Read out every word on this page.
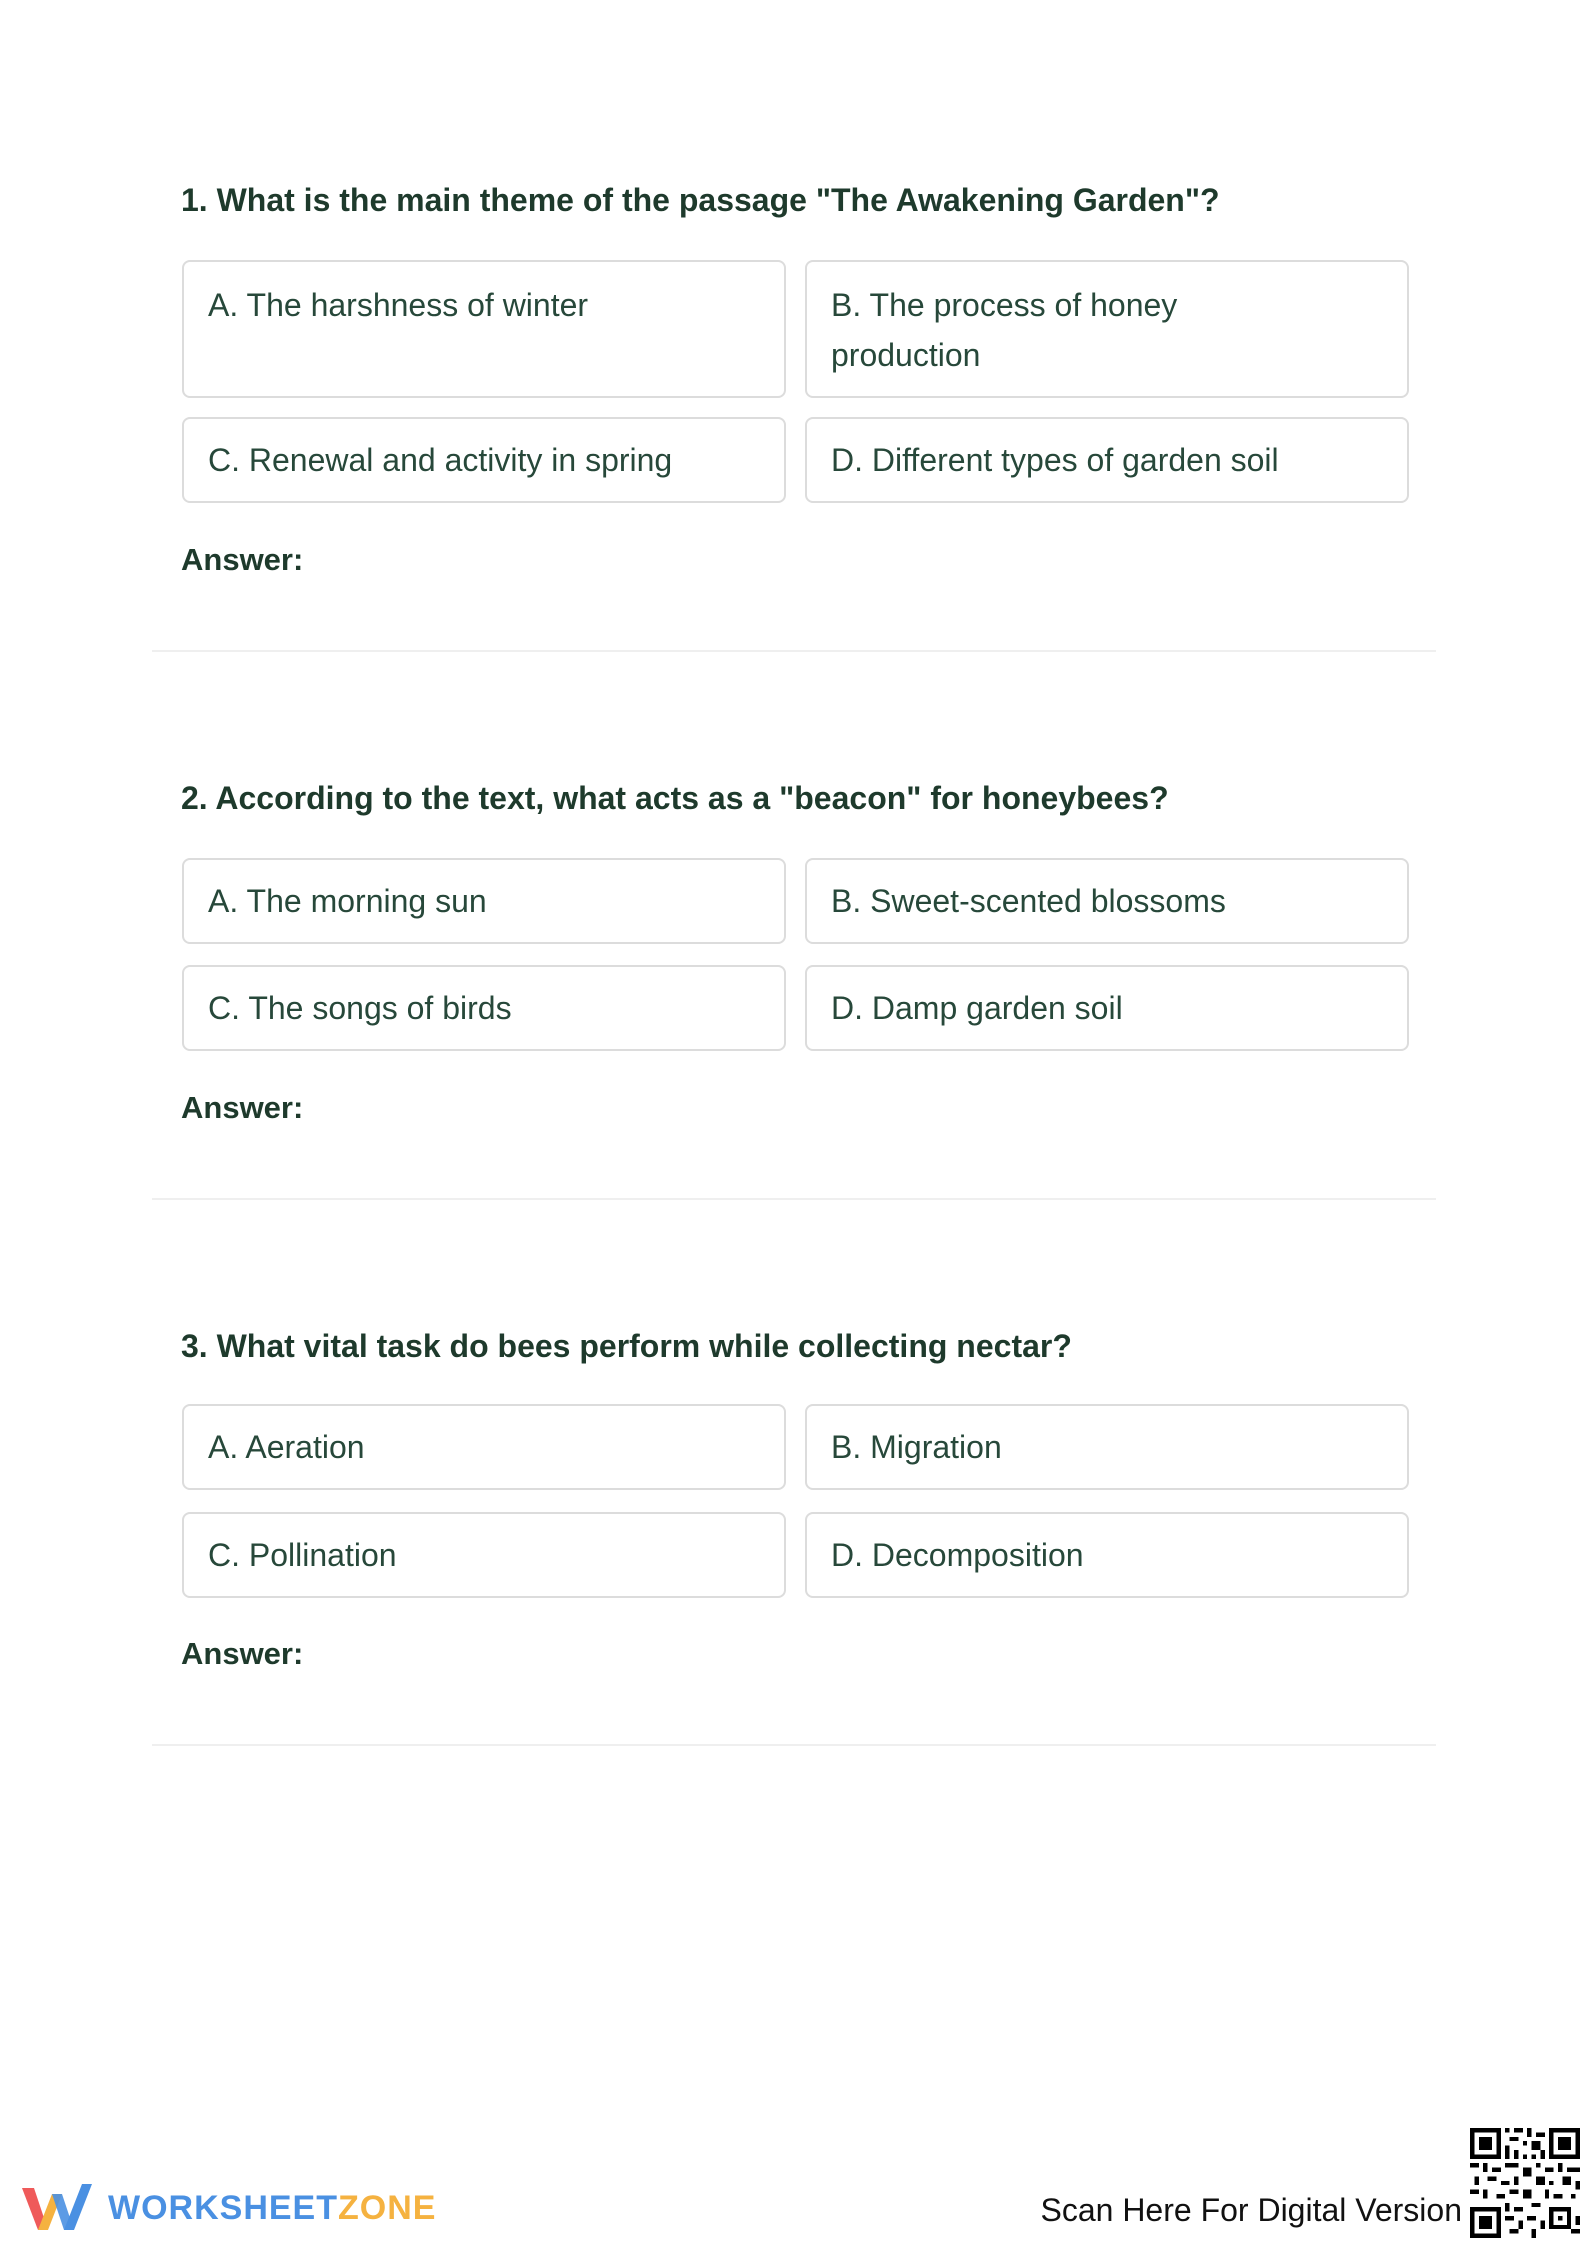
1. What is the main theme of the passage "The Awakening Garden"?
A. The harshness of winter	B. The process of honey production
C. Renewal and activity in spring	D. Different types of garden soil
Answer:
2. According to the text, what acts as a "beacon" for honeybees?
A. The morning sun	B. Sweet-scented blossoms
C. The songs of birds	D. Damp garden soil
Answer:
3. What vital task do bees perform while collecting nectar?
A. Aeration	B. Migration
C. Pollination	D. Decomposition
Answer:
WORKSHEETZONE	Scan Here For Digital Version
